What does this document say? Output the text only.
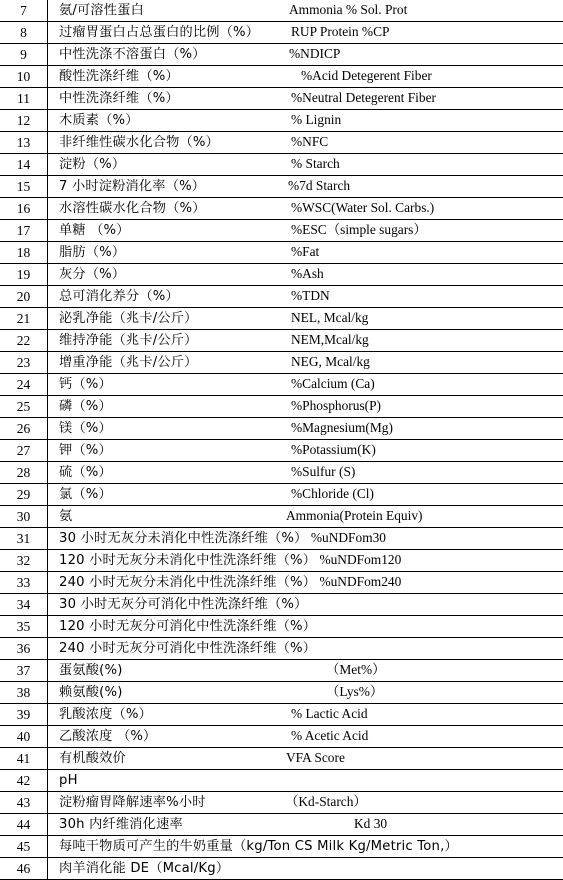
7	氨/可溶性蛋白 Ammonia % Sol. Prot

8	过瘤胃蛋白占总蛋白的比例（%） RUP Protein %CP

9	中性洗涤不溶蛋白（%） %NDICP

10	酸性洗涤纤维（%） %Acid Detegerent Fiber

11	中性洗涤纤维（%） %Neutral Detegerent Fiber

12	木质素（%） % Lignin

13	非纤维性碳水化合物（%） %NFC

14	淀粉（%） % Starch

15	7 小时淀粉消化率（%） %7d Starch

16	水溶性碳水化合物（%） %WSC(Water Sol. Carbs.)

17	单糖 （%） %ESC（simple sugars）

18	脂肪（%） %Fat

19	灰分（%） %Ash

20	总可消化养分（%） %TDN

21	泌乳净能（兆卡/公斤） NEL, Mcal/kg

22	维持净能（兆卡/公斤） NEM,Mcal/kg

23	增重净能（兆卡/公斤） NEG, Mcal/kg

24	钙（%） %Calcium (Ca)

25	磷（%） %Phosphorus(P)

26	镁（%） %Magnesium(Mg)

27	钾（%） %Potassium(K)

28	硫（%） %Sulfur (S)

29	氯（%） %Chloride (Cl)

30	氨 Ammonia(Protein Equiv)

31	30 小时无灰分未消化中性洗涤纤维（%） %uNDFom30
32	120 小时无灰分未消化中性洗涤纤维（%） %uNDFom120
33	240 小时无灰分未消化中性洗涤纤维（%） %uNDFom240
34	30 小时无灰分可消化中性洗涤纤维（%）
35	120 小时无灰分可消化中性洗涤纤维（%）
36	240 小时无灰分可消化中性洗涤纤维（%）
37	蛋氨酸(%) （Met%）

38	赖氨酸(%) （Lys%）

39	乳酸浓度（%） % Lactic Acid

40	乙酸浓度 （%） % Acetic Acid

41	有机酸效价 VFA Score

42	pH
43	淀粉瘤胃降解速率%小时 （Kd-Starch）

44	30h 内纤维消化速率 Kd 30

45	每吨干物质可产生的牛奶重量（kg/Ton CS Milk Kg/Metric Ton,）
46	肉羊消化能 DE（Mcal/Kg）
